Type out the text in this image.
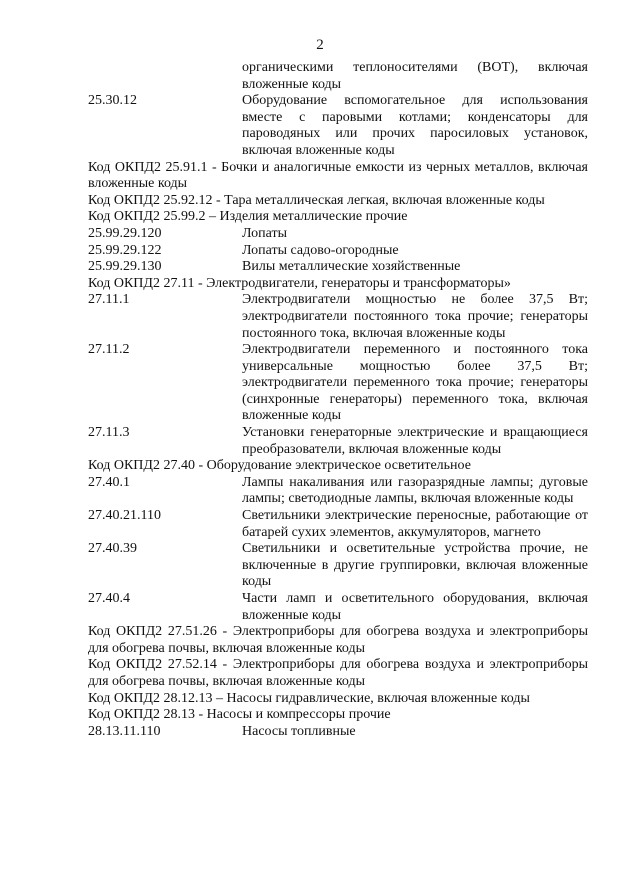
2
органическими теплоносителями (ВОТ), включая вложенные коды
25.30.12	Оборудование вспомогательное для использования вместе с паровыми котлами; конденсаторы для пароводяных или прочих паросиловых установок, включая вложенные коды
Код ОКПД2 25.91.1 - Бочки и аналогичные емкости из черных металлов, включая вложенные коды
Код ОКПД2 25.92.12 - Тара металлическая легкая, включая вложенные коды
Код ОКПД2 25.99.2 – Изделия металлические прочие
25.99.29.120	Лопаты
25.99.29.122	Лопаты садово-огородные
25.99.29.130	Вилы металлические хозяйственные
Код ОКПД2 27.11 - Электродвигатели, генераторы и трансформаторы»
27.11.1	Электродвигатели мощностью не более 37,5 Вт; электродвигатели постоянного тока прочие; генераторы постоянного тока, включая вложенные коды
27.11.2	Электродвигатели переменного и постоянного тока универсальные мощностью более 37,5 Вт; электродвигатели переменного тока прочие; генераторы (синхронные генераторы) переменного тока, включая вложенные коды
27.11.3	Установки генераторные электрические и вращающиеся преобразователи, включая вложенные коды
Код ОКПД2 27.40 - Оборудование электрическое осветительное
27.40.1	Лампы накаливания или газоразрядные лампы; дуговые лампы; светодиодные лампы, включая вложенные коды
27.40.21.110	Светильники электрические переносные, работающие от батарей сухих элементов, аккумуляторов, магнето
27.40.39	Светильники и осветительные устройства прочие, не включенные в другие группировки, включая вложенные коды
27.40.4	Части ламп и осветительного оборудования, включая вложенные коды
Код ОКПД2 27.51.26 - Электроприборы для обогрева воздуха и электроприборы для обогрева почвы, включая вложенные коды
Код ОКПД2 27.52.14 - Электроприборы для обогрева воздуха и электроприборы для обогрева почвы, включая вложенные коды
Код ОКПД2 28.12.13 – Насосы гидравлические, включая вложенные коды
Код ОКПД2 28.13 - Насосы и компрессоры прочие
28.13.11.110	Насосы топливные
